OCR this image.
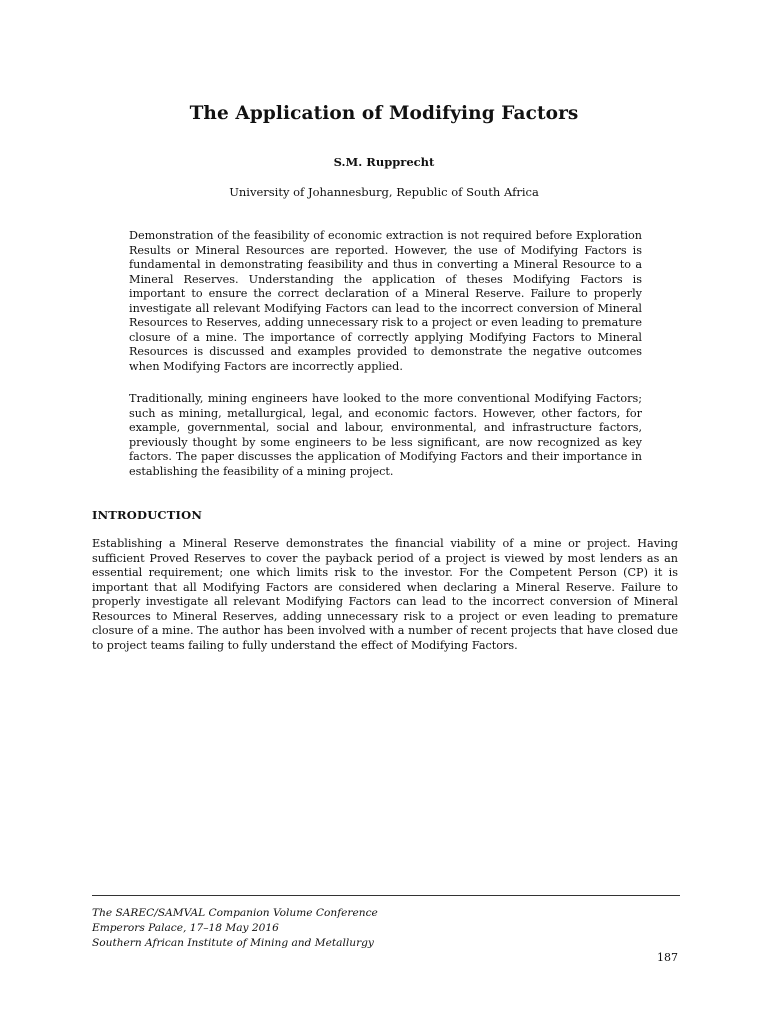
The Application of Modifying Factors
S.M. Rupprecht
University of Johannesburg, Republic of South Africa

Demonstration of the feasibility of economic extraction is not required before Exploration Results or Mineral Resources are reported. However, the use of Modifying Factors is fundamental in demonstrating feasibility and thus in converting a Mineral Resource to a Mineral Reserves. Understanding the application of theses Modifying Factors is important to ensure the correct declaration of a Mineral Reserve. Failure to properly investigate all relevant Modifying Factors can lead to the incorrect conversion of Mineral Resources to Reserves, adding unnecessary risk to a project or even leading to premature closure of a mine. The importance of correctly applying Modifying Factors to Mineral Resources is discussed and examples provided to demonstrate the negative outcomes when Modifying Factors are incorrectly applied.

Traditionally, mining engineers have looked to the more conventional Modifying Factors; such as mining, metallurgical, legal, and economic factors. However, other factors, for example, governmental, social and labour, environmental, and infrastructure factors, previously thought by some engineers to be less significant, are now recognized as key factors. The paper discusses the application of Modifying Factors and their importance in establishing the feasibility of a mining project.

INTRODUCTION

Establishing a Mineral Reserve demonstrates the financial viability of a mine or project. Having sufficient Proved Reserves to cover the payback period of a project is viewed by most lenders as an essential requirement; one which limits risk to the investor. For the Competent Person (CP) it is important that all Modifying Factors are considered when declaring a Mineral Reserve. Failure to properly investigate all relevant Modifying Factors can lead to the incorrect conversion of Mineral Resources to Mineral Reserves, adding unnecessary risk to a project or even leading to premature closure of a mine. The author has been involved with a number of recent projects that have closed due to project teams failing to fully understand the effect of Modifying Factors.

The SAREC/SAMVAL Companion Volume Conference
Emperors Palace, 17–18 May 2016
Southern African Institute of Mining and Metallurgy
187
